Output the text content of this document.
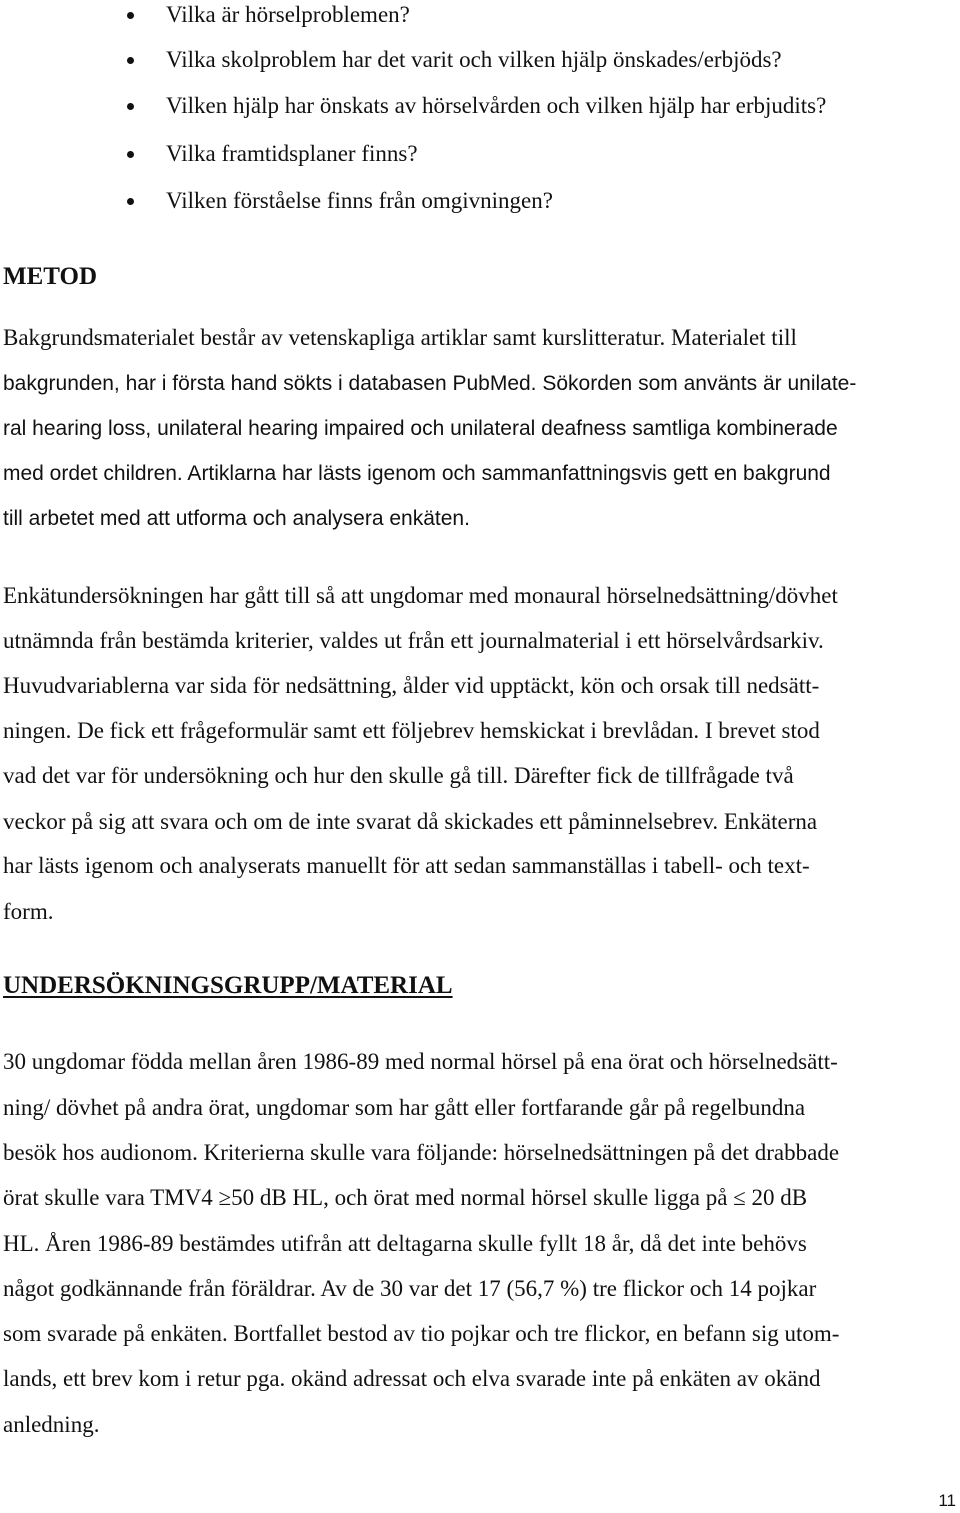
Vilka är hörselproblemen?
Vilka skolproblem har det varit och vilken hjälp önskades/erbjöds?
Vilken hjälp har önskats av hörselvården och vilken hjälp har erbjudits?
Vilka framtidsplaner finns?
Vilken förståelse finns från omgivningen?
METOD
Bakgrundsmaterialet består av vetenskapliga artiklar samt kurslitteratur. Materialet till
bakgrunden, har i första hand sökts i databasen PubMed. Sökorden som använts är unilate-
ral hearing loss, unilateral hearing impaired och unilateral deafness samtliga kombinerade
med ordet children. Artiklarna har lästs igenom och sammanfattningsvis gett en bakgrund
till arbetet med att utforma och analysera enkäten.
Enkätundersökningen har gått till så att ungdomar med monaural hörselnedsättning/dövhet
utnämnda från bestämda kriterier, valdes ut från ett journalmaterial i ett hörselvårdsarkiv.
Huvudvariablerna var sida för nedsättning, ålder vid upptäckt, kön och orsak till nedsätt-
ningen. De fick ett frågeformulär samt ett följebrev hemskickat i brevlådan. I brevet stod
vad det var för undersökning och hur den skulle gå till. Därefter fick de tillfrågade två
veckor på sig att svara och om de inte svarat då skickades ett påminnelsebrev. Enkäterna
har lästs igenom och analyserats manuellt för att sedan sammanställas i tabell- och text-
form.
UNDERSÖKNINGSGRUPP/MATERIAL
30 ungdomar födda mellan åren 1986-89 med normal hörsel på ena örat och hörselnedsätt-
ning/ dövhet på andra örat, ungdomar som har gått eller fortfarande går på regelbundna
besök hos audionom. Kriterierna skulle vara följande: hörselnedsättningen på det drabbade
örat skulle vara TMV4 ≥50 dB HL, och örat med normal hörsel skulle ligga på ≤ 20 dB
HL. Åren 1986-89 bestämdes utifrån att deltagarna skulle fyllt 18 år, då det inte behövs
något godkännande från föräldrar. Av de 30 var det 17 (56,7 %) tre flickor och 14 pojkar
som svarade på enkäten. Bortfallet bestod av tio pojkar och tre flickor, en befann sig utom-
lands, ett brev kom i retur pga. okänd adressat och elva svarade inte på enkäten av okänd
anledning.
11
